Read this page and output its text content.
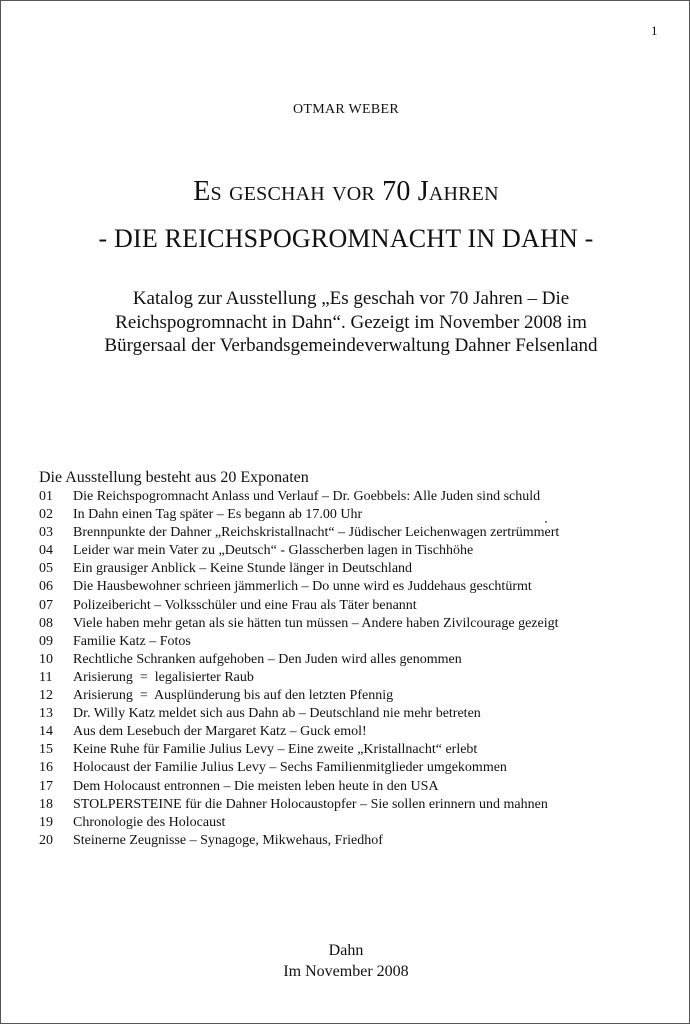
1
OTMAR WEBER
Es geschah vor 70 Jahren
- DIE REICHSPOGROMNACHT IN DAHN -
Katalog zur Ausstellung „Es geschah vor 70 Jahren – Die
Reichspogromnacht in Dahn“. Gezeigt im November 2008 im
Bürgersaal der Verbandsgemeindeverwaltung Dahner Felsenland
Die Ausstellung besteht aus 20 Exponaten
01	Die Reichspogromnacht Anlass und Verlauf – Dr. Goebbels: Alle Juden sind schuld
02	In Dahn einen Tag später – Es begann ab 17.00 Uhr
03	Brennpunkte der Dahner „Reichskristallnacht“ – Jüdischer Leichenwagen zertrümmert
04	Leider war mein Vater zu „Deutsch“ - Glasscherben lagen in Tischhöhe
05	Ein grausiger Anblick – Keine Stunde länger in Deutschland
06	Die Hausbewohner schrieen jämmerlich – Do unne wird es Juddehaus geschtürmt
07	Polizeibericht – Volksschüler und eine Frau als Täter benannt
08	Viele haben mehr getan als sie hätten tun müssen – Andere haben Zivilcourage gezeigt
09	Familie Katz – Fotos
10	Rechtliche Schranken aufgehoben – Den Juden wird alles genommen
11	Arisierung  =  legalisierter Raub
12	Arisierung  =  Ausplünderung bis auf den letzten Pfennig
13	Dr. Willy Katz meldet sich aus Dahn ab – Deutschland nie mehr betreten
14	Aus dem Lesebuch der Margaret Katz – Guck emol!
15	Keine Ruhe für Familie Julius Levy – Eine zweite „Kristallnacht“ erlebt
16	Holocaust der Familie Julius Levy – Sechs Familienmitglieder umgekommen
17	Dem Holocaust entronnen – Die meisten leben heute in den USA
18	STOLPERSTEINE für die Dahner Holocaustopfer – Sie sollen erinnern und mahnen
19	Chronologie des Holocaust
20	Steinerne Zeugnisse – Synagoge, Mikwehaus, Friedhof
Dahn
Im November 2008
